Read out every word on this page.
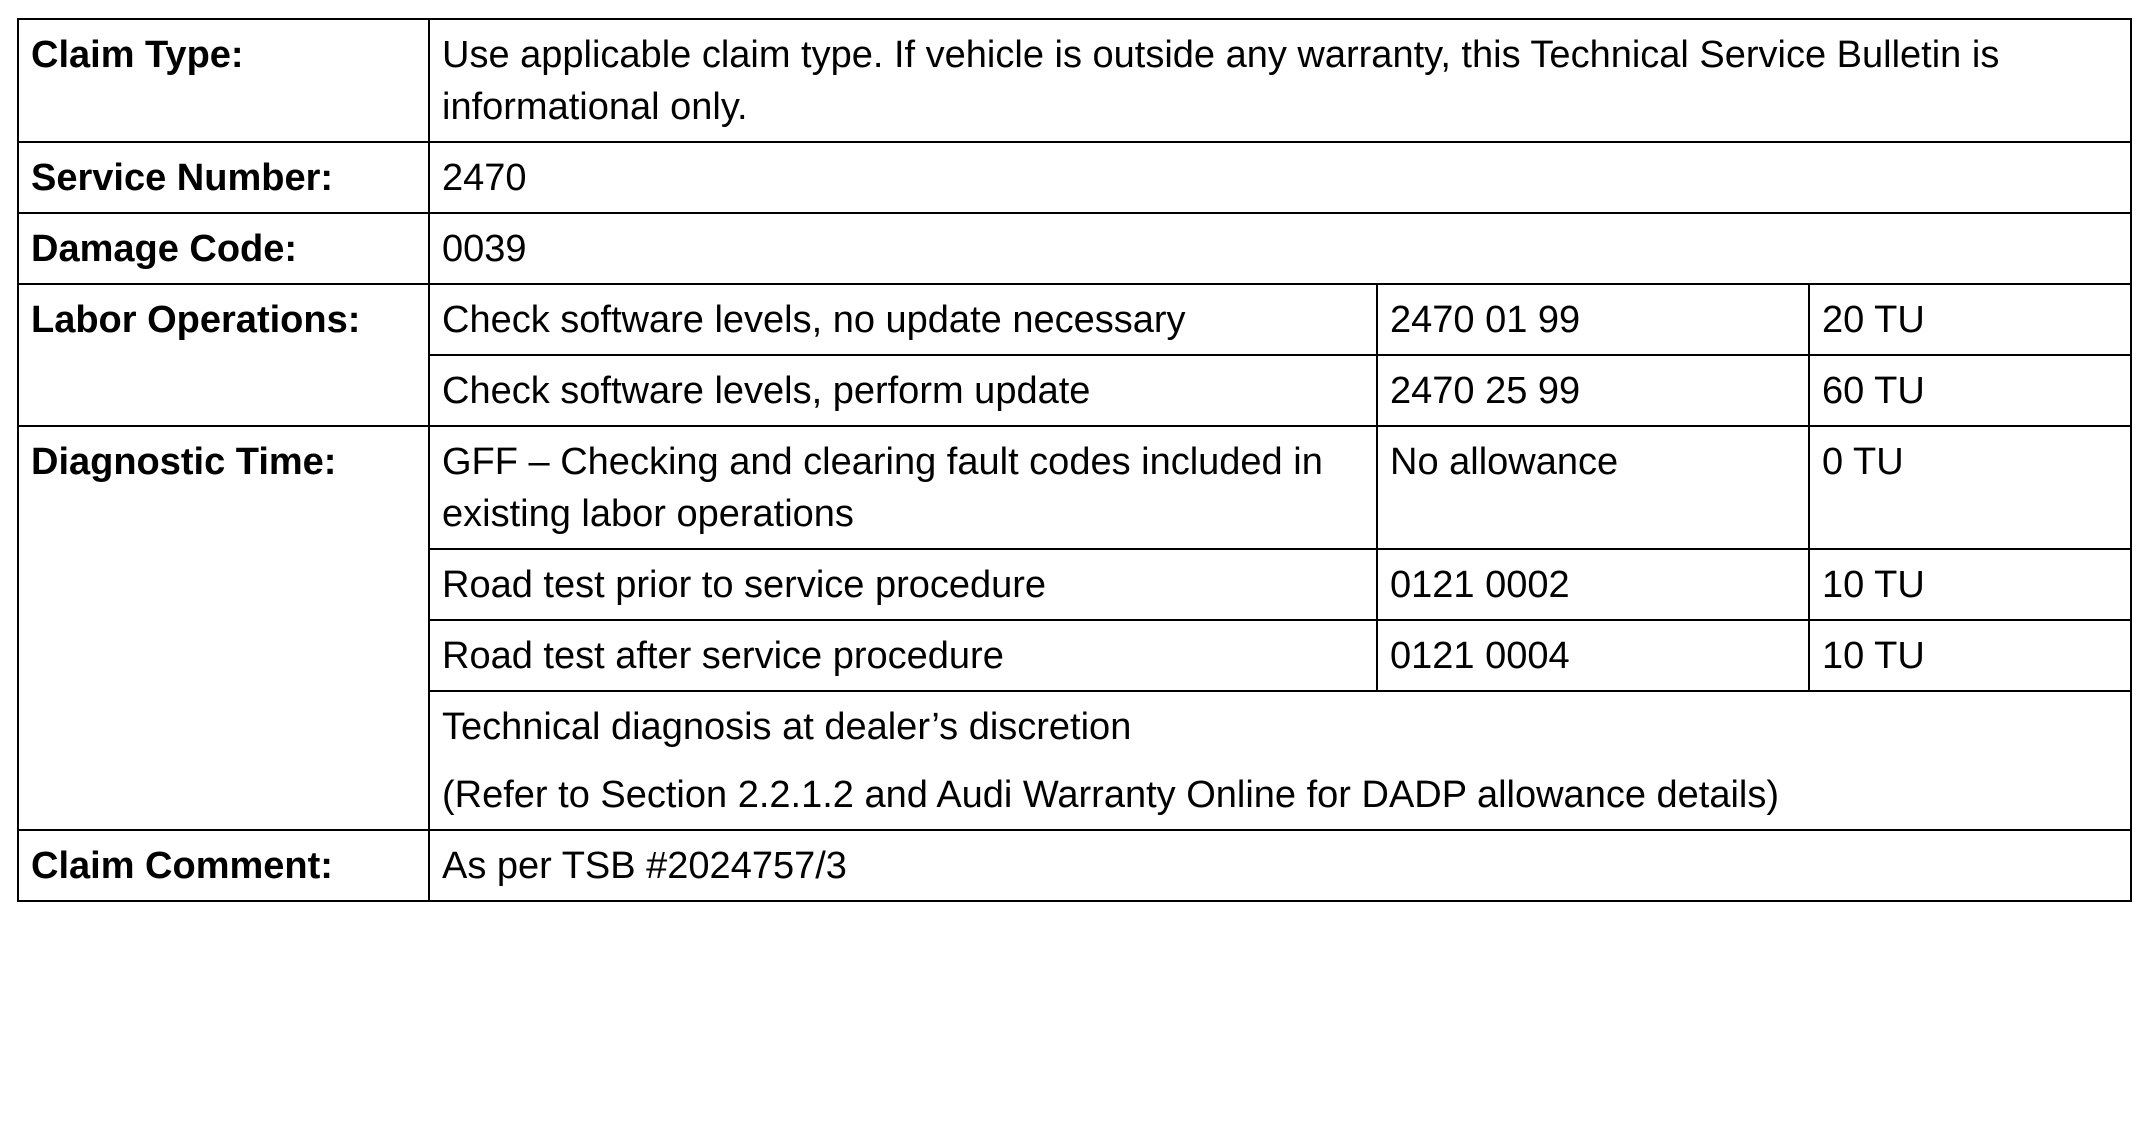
Claim Type:	Use applicable claim type. If vehicle is outside any warranty, this Technical Service Bulletin is informational only.		
Service Number:	2470		
Damage Code:	0039		
Labor Operations:	Check software levels, no update necessary	2470 01 99	20 TU
	Check software levels, perform update	2470 25 99	60 TU
Diagnostic Time:	GFF – Checking and clearing fault codes included in existing labor operations	No allowance	0 TU
	Road test prior to service procedure	0121 0002	10 TU
	Road test after service procedure	0121 0004	10 TU

	Technical diagnosis at dealer’s discretion
(Refer to Section 2.2.1.2 and Audi Warranty Online for DADP allowance details)		

Claim Comment:	As per TSB #2024757/3		
